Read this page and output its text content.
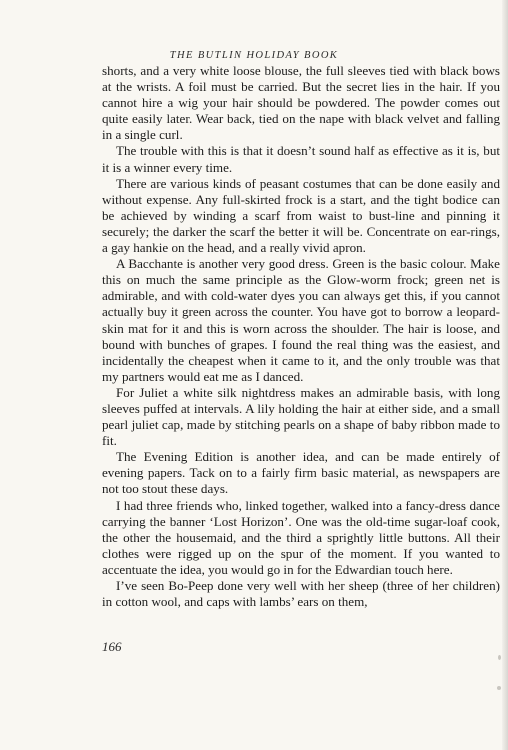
THE BUTLIN HOLIDAY BOOK

shorts, and a very white loose blouse, the full sleeves tied with black bows at the wrists. A foil must be carried. But the secret lies in the hair. If you cannot hire a wig your hair should be powdered. The powder comes out quite easily later. Wear back, tied on the nape with black velvet and falling in a single curl.

The trouble with this is that it doesn’t sound half as effective as it is, but it is a winner every time.

There are various kinds of peasant costumes that can be done easily and without expense. Any full-skirted frock is a start, and the tight bodice can be achieved by winding a scarf from waist to bust-line and pinning it securely; the darker the scarf the better it will be. Concentrate on ear-rings, a gay hankie on the head, and a really vivid apron.

A Bacchante is another very good dress. Green is the basic colour. Make this on much the same principle as the Glow-worm frock; green net is admirable, and with cold-water dyes you can always get this, if you cannot actually buy it green across the counter. You have got to borrow a leopard-skin mat for it and this is worn across the shoulder. The hair is loose, and bound with bunches of grapes. I found the real thing was the easiest, and incidentally the cheapest when it came to it, and the only trouble was that my partners would eat me as I danced.

For Juliet a white silk nightdress makes an admirable basis, with long sleeves puffed at intervals. A lily holding the hair at either side, and a small pearl juliet cap, made by stitching pearls on a shape of baby ribbon made to fit.

The Evening Edition is another idea, and can be made entirely of evening papers. Tack on to a fairly firm basic material, as newspapers are not too stout these days.

I had three friends who, linked together, walked into a fancy-dress dance carrying the banner ‘Lost Horizon’. One was the old-time sugar-loaf cook, the other the housemaid, and the third a sprightly little buttons. All their clothes were rigged up on the spur of the moment. If you wanted to accentuate the idea, you would go in for the Edwardian touch here.

I’ve seen Bo-Peep done very well with her sheep (three of her children) in cotton wool, and caps with lambs’ ears on them,

166
